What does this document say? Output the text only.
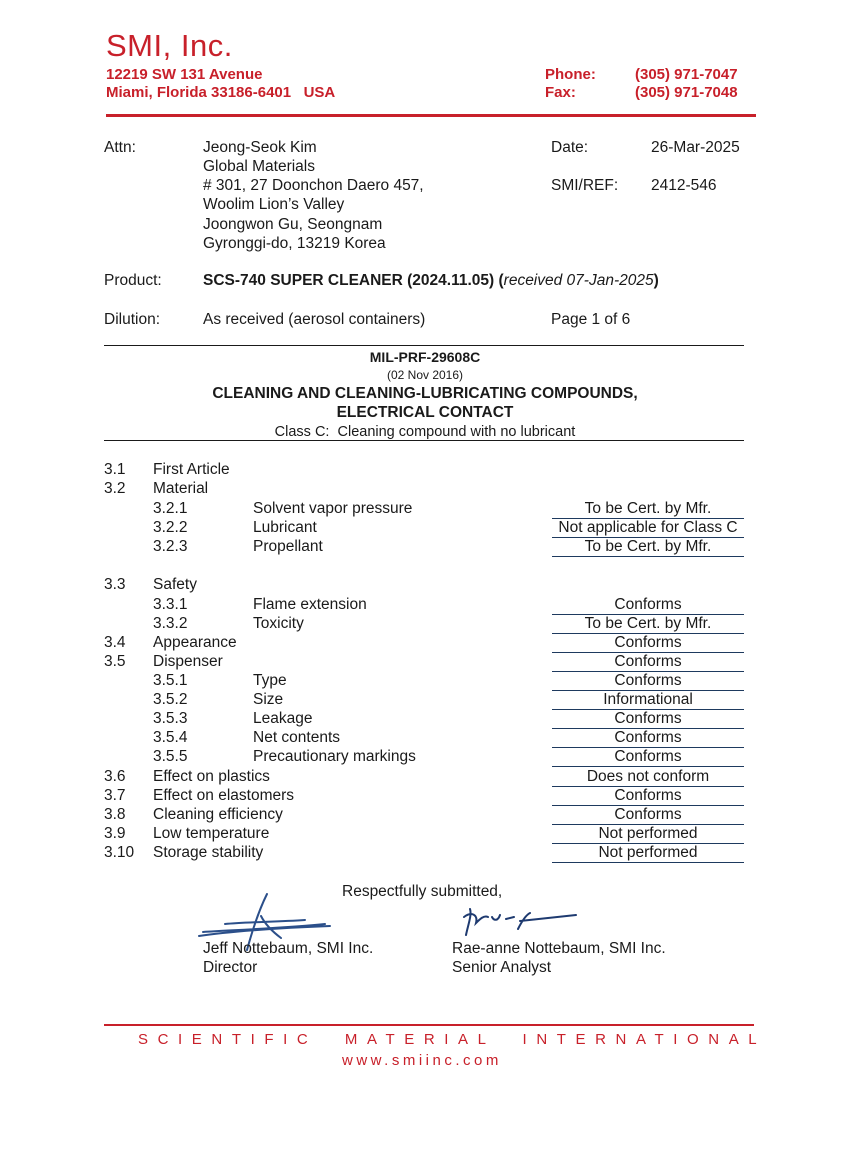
SMI, Inc.
12219 SW 131 Avenue
Miami, Florida 33186-6401   USA
Phone:	(305) 971-7047
Fax:	(305) 971-7048
Attn:	Jeong-Seok Kim
Global Materials
# 301, 27 Doonchon Daero 457,
Woolim Lion’s Valley
Joongwon Gu, Seongnam
Gyronggi-do, 13219 Korea
Date:	26-Mar-2025
SMI/REF: 2412-546
Product:	SCS-740 SUPER CLEANER (2024.11.05) (received 07-Jan-2025)
Dilution:	As received (aerosol containers)	Page 1 of 6
MIL-PRF-29608C
(02 Nov 2016)
CLEANING AND CLEANING-LUBRICATING COMPOUNDS,
ELECTRICAL CONTACT
Class C:  Cleaning compound with no lubricant
3.1 First Article
3.2 Material
3.2.1	Solvent vapor pressure	To be Cert. by Mfr.
3.2.2	Lubricant	Not applicable for Class C
3.2.3	Propellant	To be Cert. by Mfr.
3.3 Safety
3.3.1	Flame extension	Conforms
3.3.2	Toxicity	To be Cert. by Mfr.
3.4 Appearance	Conforms
3.5 Dispenser	Conforms
3.5.1	Type	Conforms
3.5.2	Size	Informational
3.5.3	Leakage	Conforms
3.5.4	Net contents	Conforms
3.5.5	Precautionary markings	Conforms
3.6 Effect on plastics	Does not conform
3.7 Effect on elastomers	Conforms
3.8 Cleaning efficiency	Conforms
3.9 Low temperature	Not performed
3.10 Storage stability	Not performed
Respectfully submitted,
Jeff Nottebaum, SMI Inc.
Director
Rae-anne Nottebaum, SMI Inc.
Senior Analyst
SCIENTIFIC  MATERIAL  INTERNATIONAL
www.smiinc.com
